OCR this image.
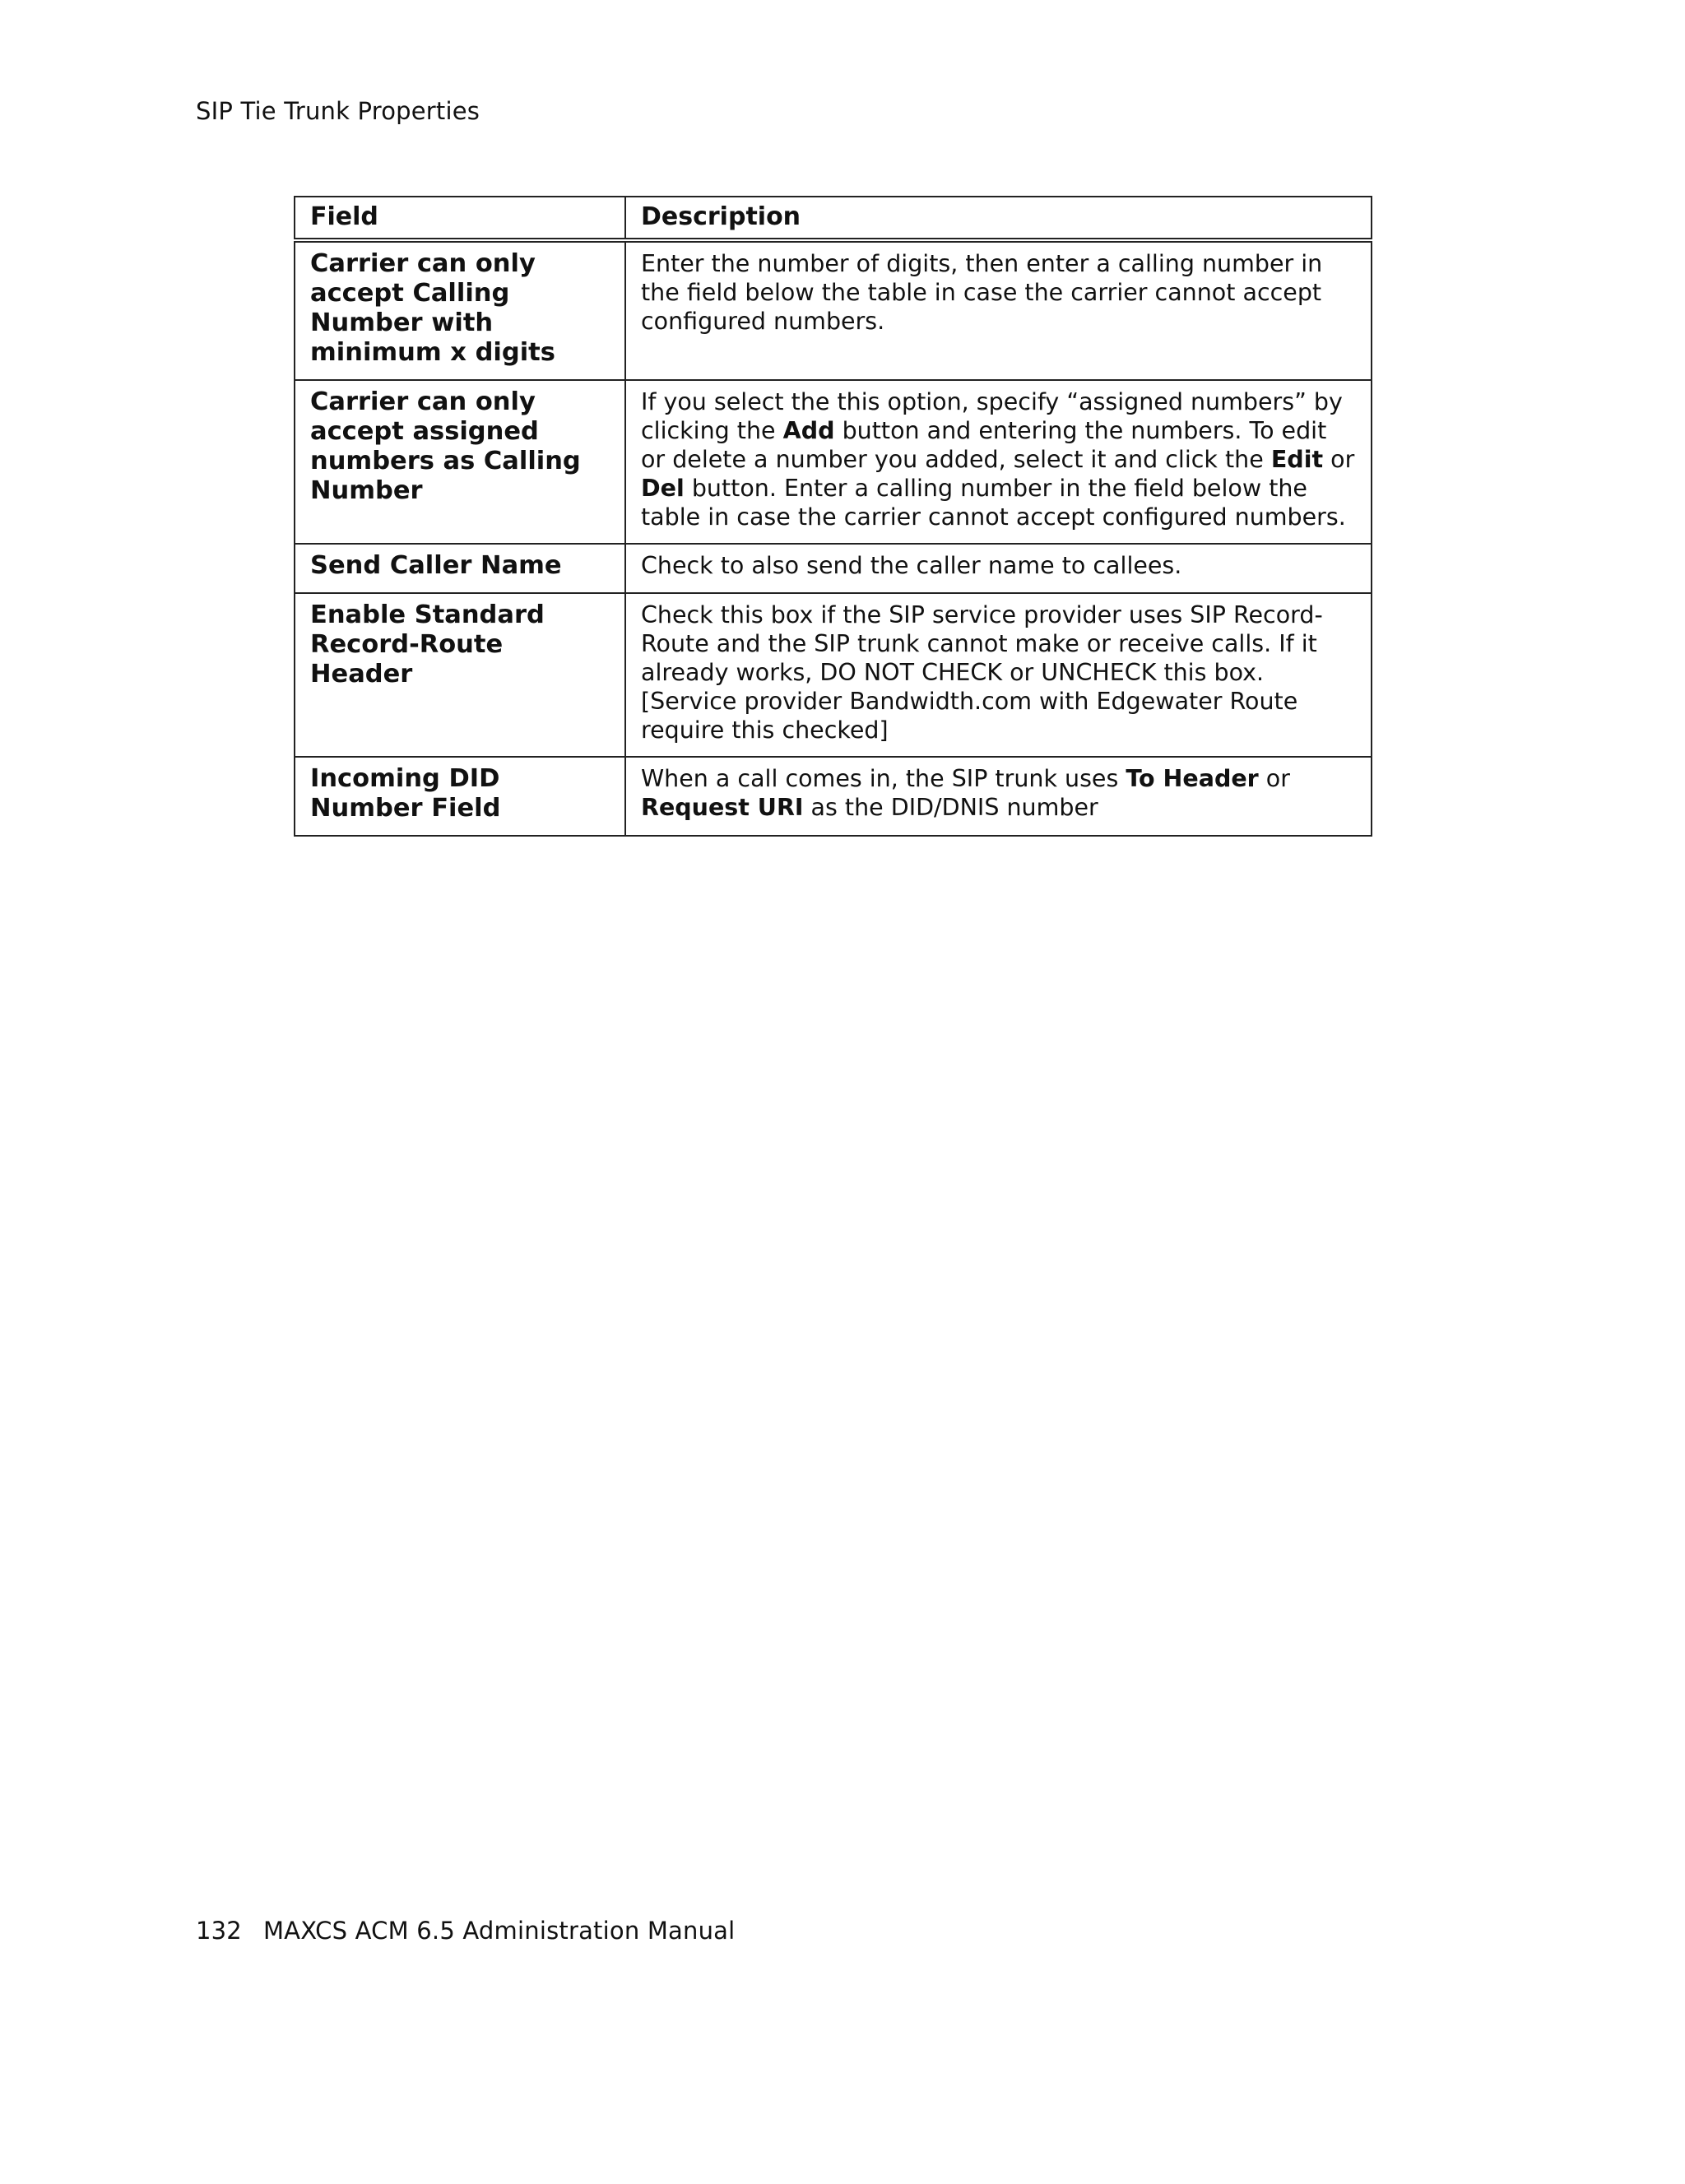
SIP Tie Trunk Properties
Field	Description
Carrier can only accept Calling Number with minimum x digits	Enter the number of digits, then enter a calling number in the field below the table in case the carrier cannot accept configured numbers.
Carrier can only accept assigned numbers as Calling Number	If you select the this option, specify “assigned numbers” by clicking the Add button and entering the numbers. To edit or delete a number you added, select it and click the Edit or Del button. Enter a calling number in the field below the table in case the carrier cannot accept configured numbers.
Send Caller Name	Check to also send the caller name to callees.
Enable Standard Record-Route Header	Check this box if the SIP service provider uses SIP Record-Route and the SIP trunk cannot make or receive calls. If it already works, DO NOT CHECK or UNCHECK this box. [Service provider Bandwidth.com with Edgewater Route require this checked]
Incoming DID Number Field	When a call comes in, the SIP trunk uses To Header or Request URI as the DID/DNIS number
132 MAXCS ACM 6.5 Administration Manual
